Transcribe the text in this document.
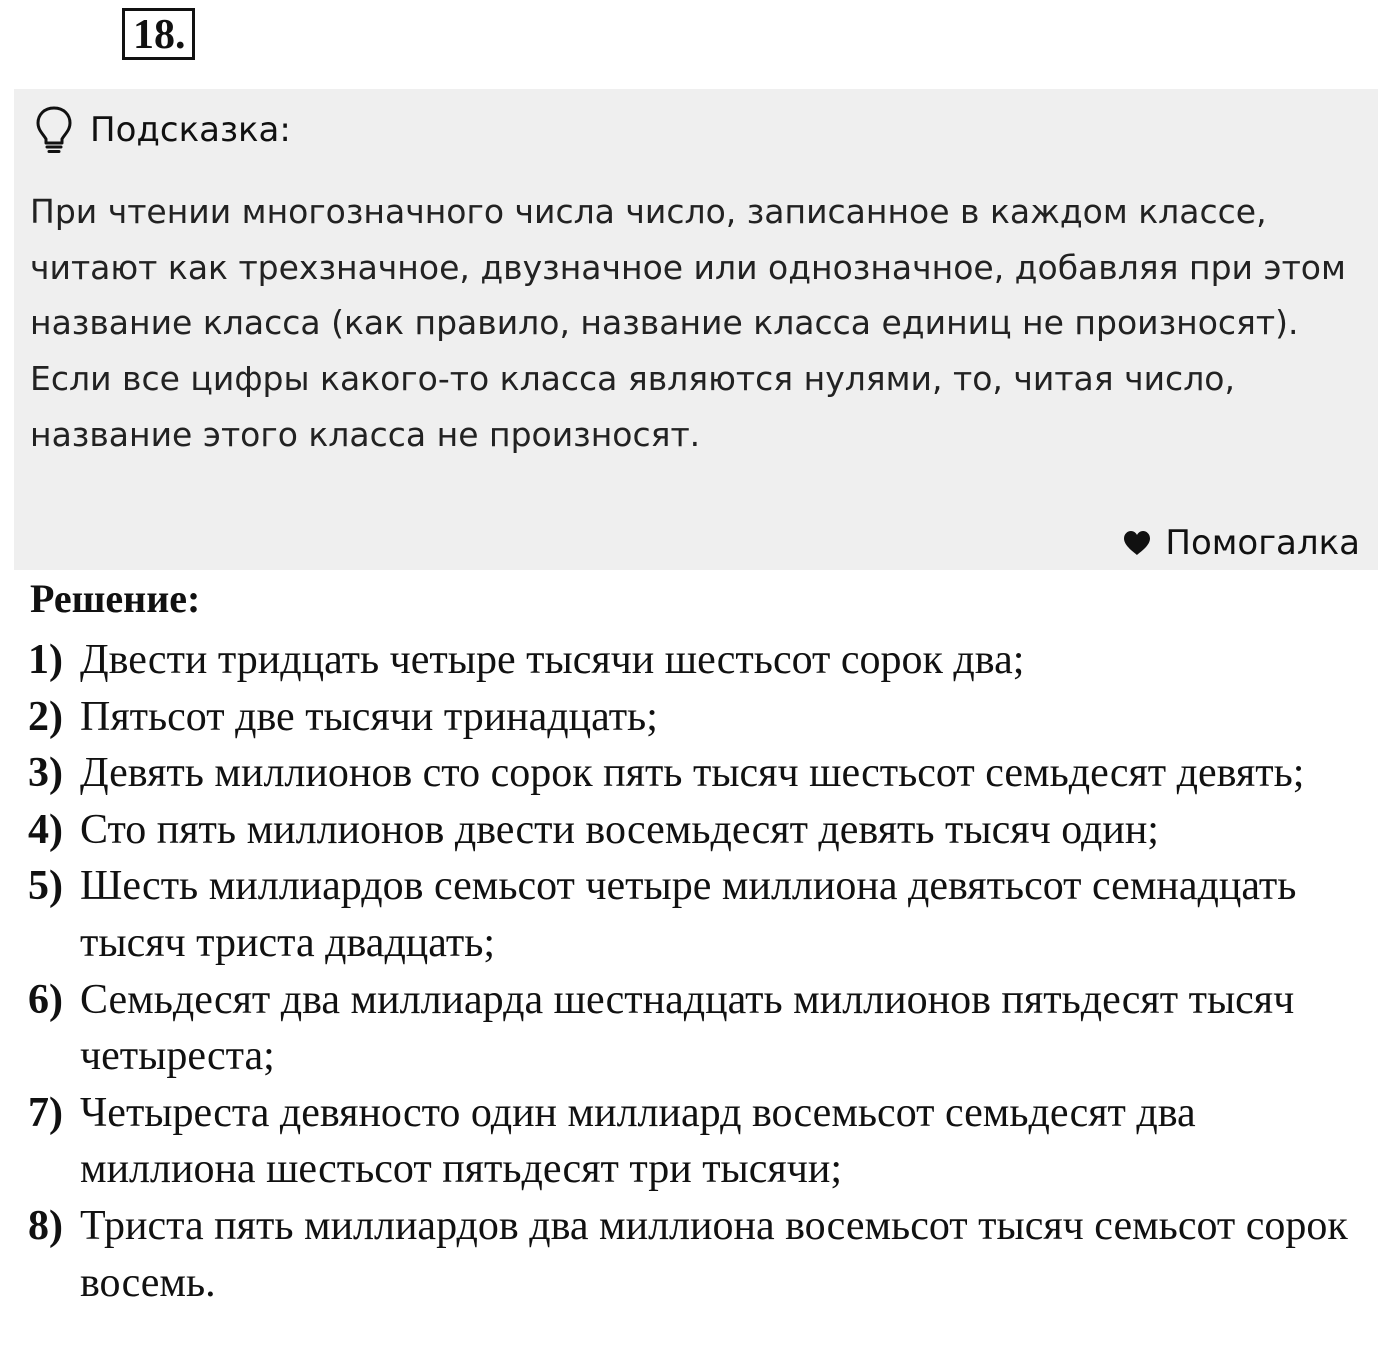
18.
Подсказка:

При чтении многозначного числа число, записанное в каждом классе, читают как трехзначное, двузначное или однозначное, добавляя при этом название класса (как правило, название класса единиц не произносят).

Если все цифры какого-то класса являются нулями, то, читая число, название этого класса не произносят.

Помогалка
Решение:
1) Двести тридцать четыре тысячи шестьсот сорок два;
2) Пятьсот две тысячи тринадцать;
3) Девять миллионов сто сорок пять тысяч шестьсот семьдесят девять;
4) Сто пять миллионов двести восемьдесят девять тысяч один;
5) Шесть миллиардов семьсот четыре миллиона девятьсот семнадцать тысяч триста двадцать;
6) Семьдесят два миллиарда шестнадцать миллионов пятьдесят тысяч четыреста;
7) Четыреста девяносто один миллиард восемьсот семьдесят два миллиона шестьсот пятьдесят три тысячи;
8) Триста пять миллиардов два миллиона восемьсот тысяч семьсот сорок восемь.
